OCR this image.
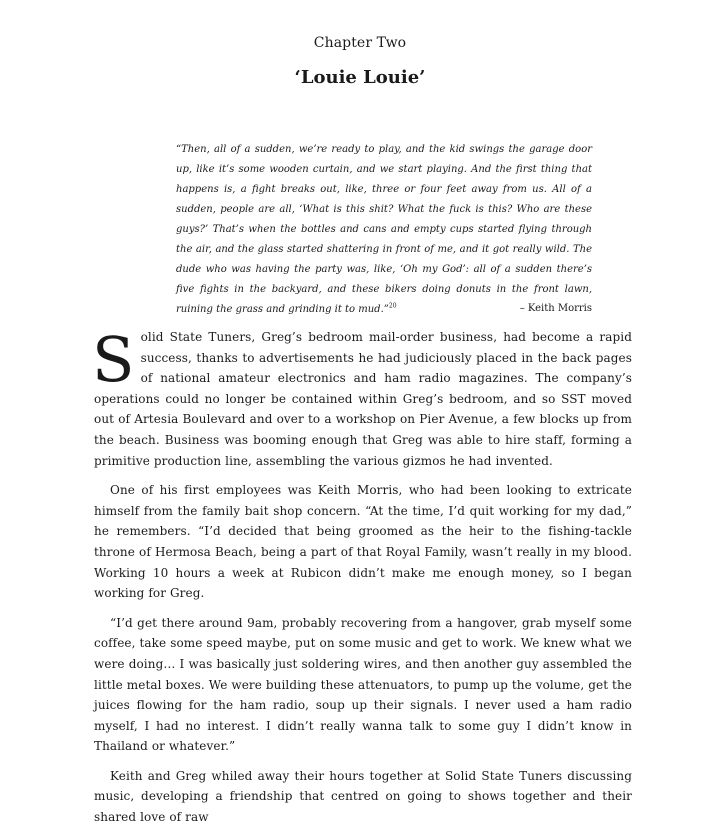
Chapter Two
‘Louie Louie’

“Then, all of a sudden, we’re ready to play, and the kid swings the garage door up, like it’s some wooden curtain, and we start playing. And the first thing that happens is, a fight breaks out, like, three or four feet away from us. All of a sudden, people are all, ‘What is this shit? What the fuck is this? Who are these guys?’ That’s when the bottles and cans and empty cups started flying through the air, and the glass started shattering in front of me, and it got really wild. The dude who was having the party was, like, ‘Oh my God’: all of a sudden there’s five fights in the backyard, and these bikers doing donuts in the front lawn, ruining the grass and grinding it to mud.”$^{20}$	– Keith Morris

Solid State Tuners, Greg’s bedroom mail-order business, had become a rapid success, thanks to advertisements he had judiciously placed in the back pages of national amateur electronics and ham radio magazines. The company’s operations could no longer be contained within Greg’s bedroom, and so SST moved out of Artesia Boulevard and over to a workshop on Pier Avenue, a few blocks up from the beach. Business was booming enough that Greg was able to hire staff, forming a primitive production line, assembling the various gizmos he had invented.

One of his first employees was Keith Morris, who had been looking to extricate himself from the family bait shop concern. “At the time, I’d quit working for my dad,” he remembers. “I’d decided that being groomed as the heir to the fishing-tackle throne of Hermosa Beach, being a part of that Royal Family, wasn’t really in my blood. Working 10 hours a week at Rubicon didn’t make me enough money, so I began working for Greg.

“I’d get there around 9am, probably recovering from a hangover, grab myself some coffee, take some speed maybe, put on some music and get to work. We knew what we were doing… I was basically just soldering wires, and then another guy assembled the little metal boxes. We were building these attenuators, to pump up the volume, get the juices flowing for the ham radio, soup up their signals. I never used a ham radio myself, I had no interest. I didn’t really wanna talk to some guy I didn’t know in Thailand or whatever.”

Keith and Greg whiled away their hours together at Solid State Tuners discussing music, developing a friendship that centred on going to shows together and their shared love of raw
